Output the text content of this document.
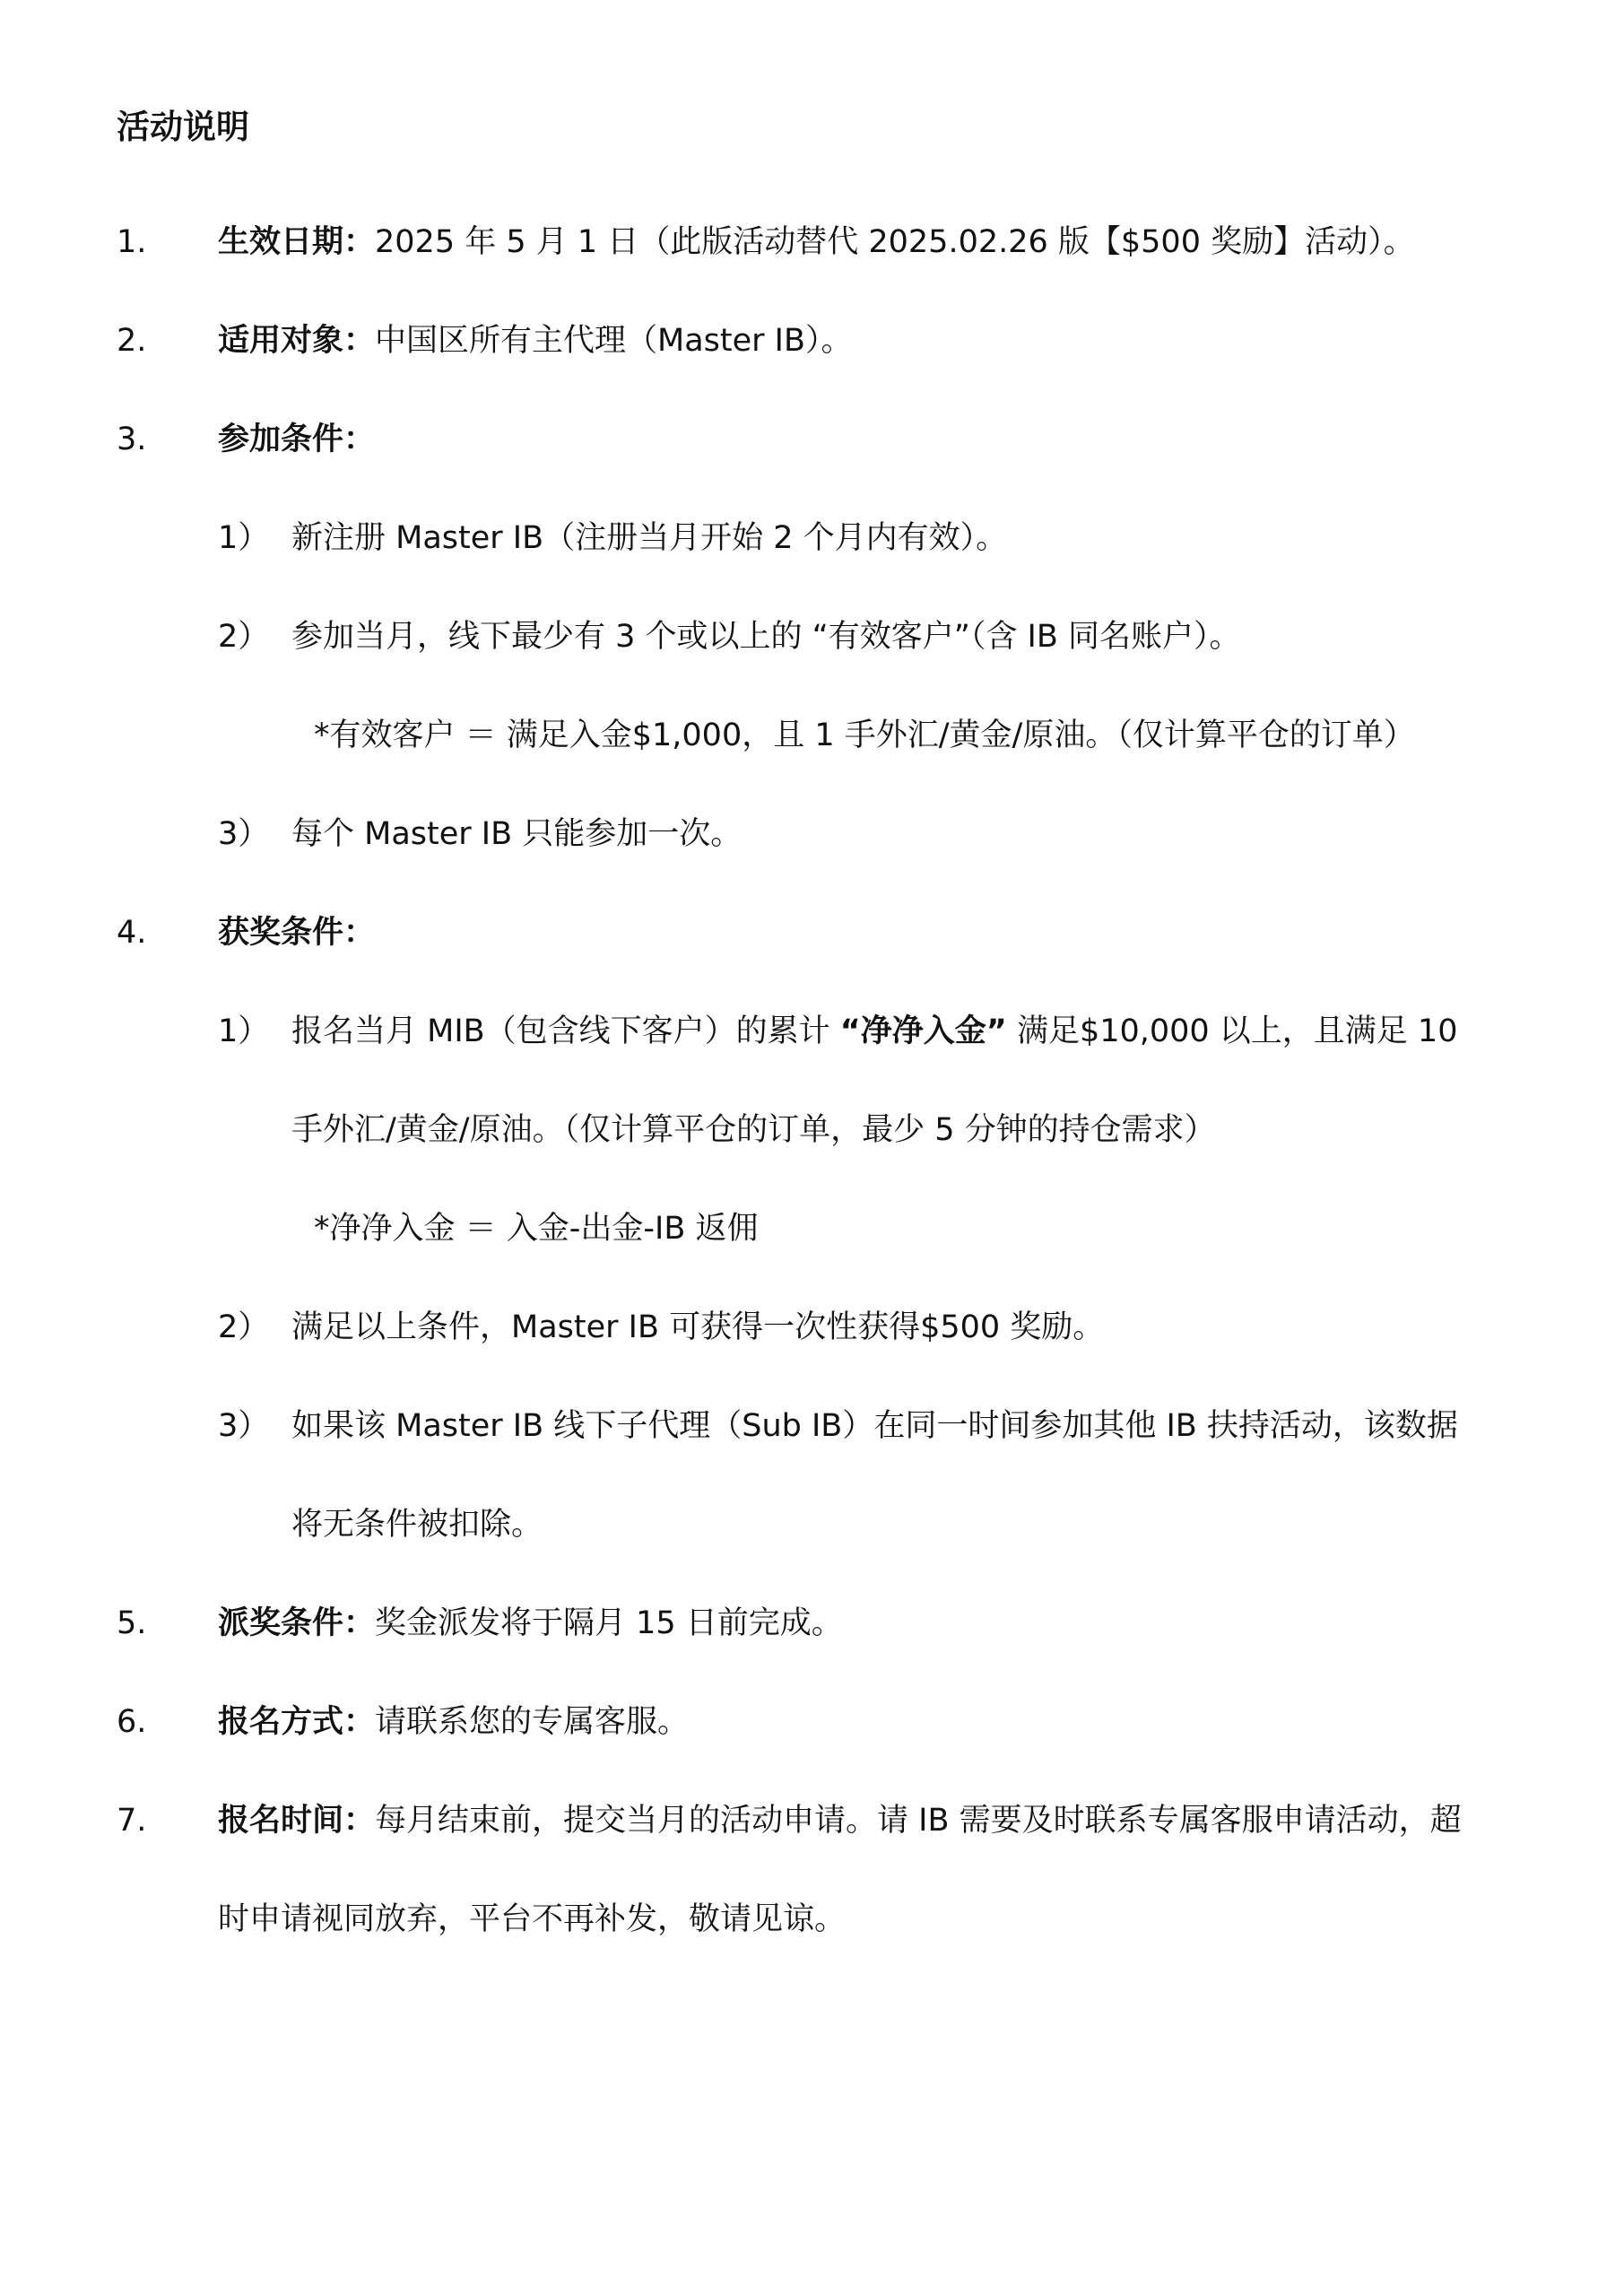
活动说明
1. 生效日期：2025 年 5 月 1 日（此版活动替代 2025.02.26 版【$500 奖励】活动）。
2. 适用对象：中国区所有主代理（Master IB）。
3. 参加条件：
1） 新注册 Master IB（注册当月开始 2 个月内有效）。
2） 参加当月，线下最少有 3 个或以上的 “有效客户”（含 IB 同名账户）。
*有效客户 ＝ 满足入金$1,000，且 1 手外汇/黄金/原油。（仅计算平仓的订单）
3） 每个 Master IB 只能参加一次。
4. 获奖条件：
1） 报名当月 MIB（包含线下客户）的累计 “净净入金” 满足$10,000 以上，且满足 10
手外汇/黄金/原油。（仅计算平仓的订单，最少 5 分钟的持仓需求）
*净净入金 ＝ 入金-出金-IB 返佣
2） 满足以上条件，Master IB 可获得一次性获得$500 奖励。
3） 如果该 Master IB 线下子代理（Sub IB）在同一时间参加其他 IB 扶持活动，该数据
将无条件被扣除。
5. 派奖条件：奖金派发将于隔月 15 日前完成。
6. 报名方式：请联系您的专属客服。
7. 报名时间：每月结束前，提交当月的活动申请。请 IB 需要及时联系专属客服申请活动，超
时申请视同放弃，平台不再补发，敬请见谅。
